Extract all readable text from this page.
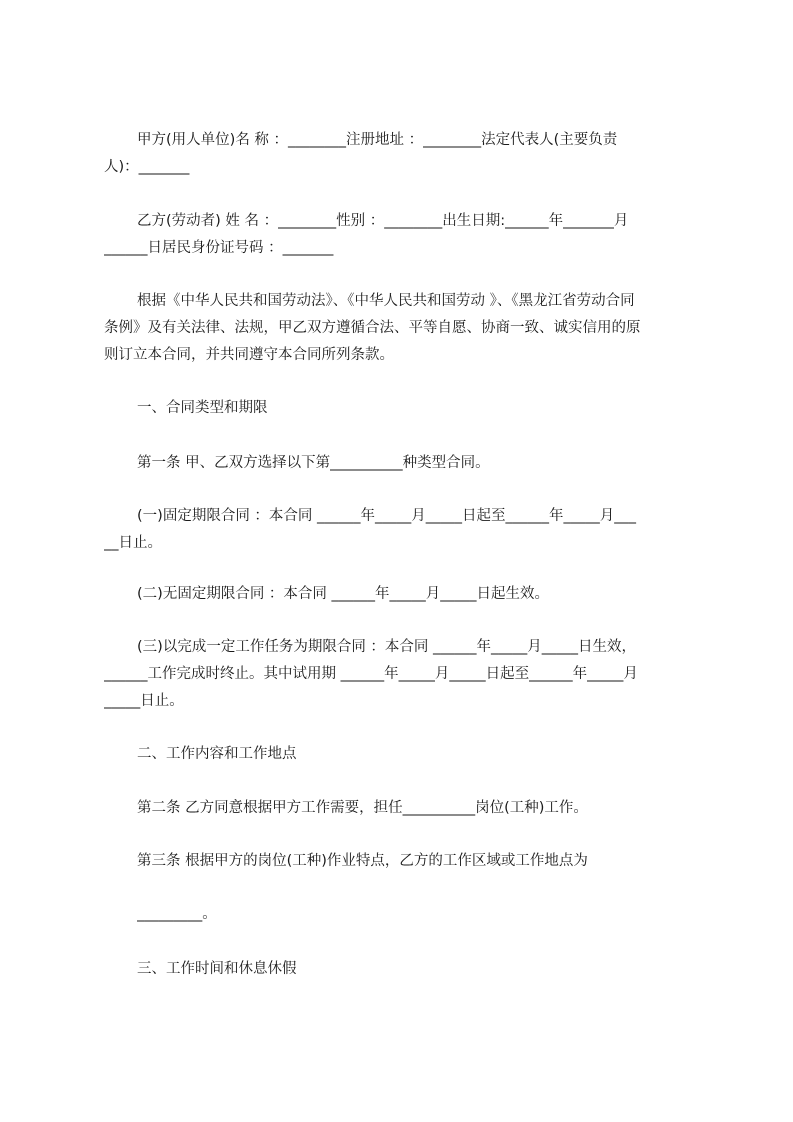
甲方(用人单位)名 称 ：________注册地址 ：________法定代表人(主要负责
人)：_______
乙方(劳动者) 姓 名 ：________性别 ：________出生日期:______年_______月
______日居民身份证号码 ：_______
根据《中华人民共和国劳动法》、《中华人民共和国劳动 》、《黑龙江省劳动合同
条例》及有关法律、法规，甲乙双方遵循合法、平等自愿、协商一致、诚实信用的原
则订立本合同，并共同遵守本合同所列条款。
一、合同类型和期限
第一条 甲、乙双方选择以下第__________种类型合同。
(一)固定期限合同 ：本合同 ______年_____月_____日起至______年_____月___
__日止。
(二)无固定期限合同 ：本合同 ______年_____月_____日起生效。
(三)以完成一定工作任务为期限合同 ：本合同 ______年_____月_____日生效，
______工作完成时终止。其中试用期 ______年_____月_____日起至______年_____月
_____日止。
二、工作内容和工作地点
第二条 乙方同意根据甲方工作需要，担任__________岗位(工种)工作。
第三条 根据甲方的岗位(工种)作业特点，乙方的工作区域或工作地点为
_________。
三、工作时间和休息休假
